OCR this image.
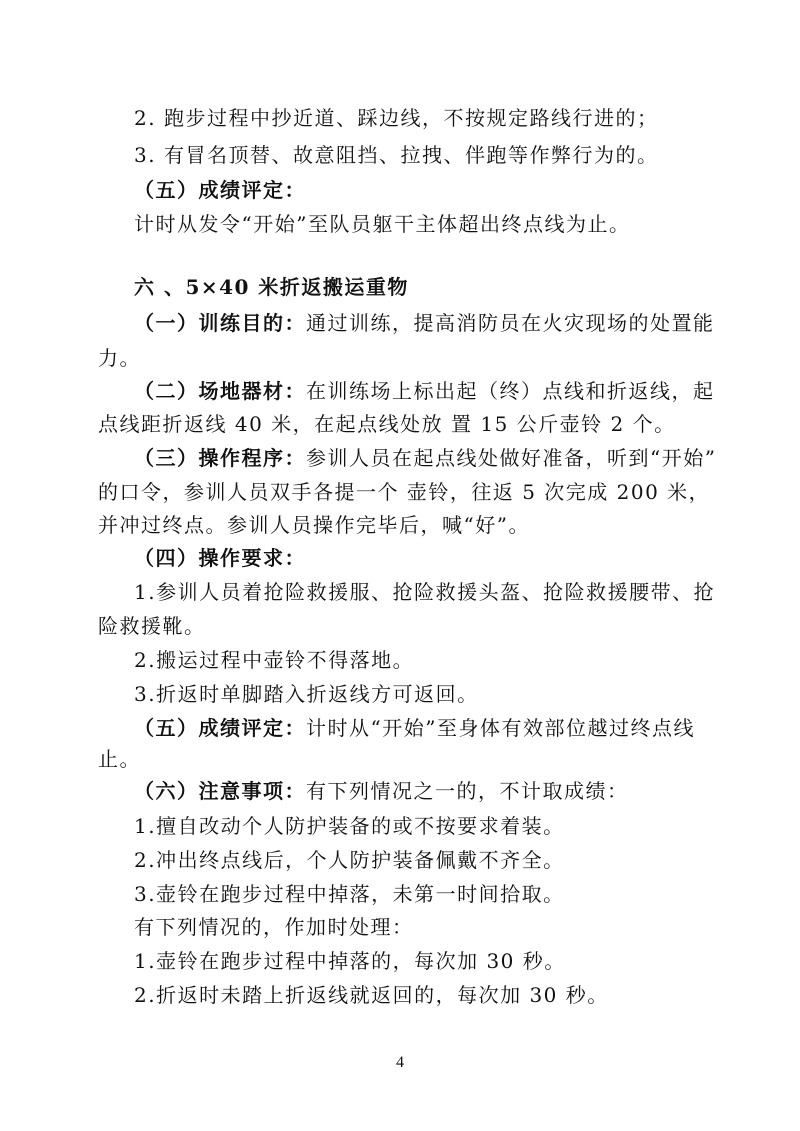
2. 跑步过程中抄近道、踩边线，不按规定路线行进的；
3. 有冒名顶替、故意阻挡、拉拽、伴跑等作弊行为的。
（五）成绩评定：
计时从发令“开始”至队员躯干主体超出终点线为止。
六 、5×40 米折返搬运重物
（一）训练目的：通过训练，提高消防员在火灾现场的处置能
力。
（二）场地器材：在训练场上标出起（终）点线和折返线，起
点线距折返线 40 米，在起点线处放 置 15 公斤壶铃 2 个。
（三）操作程序：参训人员在起点线处做好准备，听到“开始”
的口令，参训人员双手各提一个 壶铃，往返 5 次完成 200 米，
并冲过终点。参训人员操作完毕后，喊“好”。
（四）操作要求：
1.参训人员着抢险救援服、抢险救援头盔、抢险救援腰带、抢
险救援靴。
2.搬运过程中壶铃不得落地。
3.折返时单脚踏入折返线方可返回。
（五）成绩评定：计时从“开始”至身体有效部位越过终点线
止。
（六）注意事项：有下列情况之一的，不计取成绩：
1.擅自改动个人防护装备的或不按要求着装。
2.冲出终点线后，个人防护装备佩戴不齐全。
3.壶铃在跑步过程中掉落，未第一时间拾取。
有下列情况的，作加时处理：
1.壶铃在跑步过程中掉落的，每次加 30 秒。
2.折返时未踏上折返线就返回的，每次加 30 秒。
4
